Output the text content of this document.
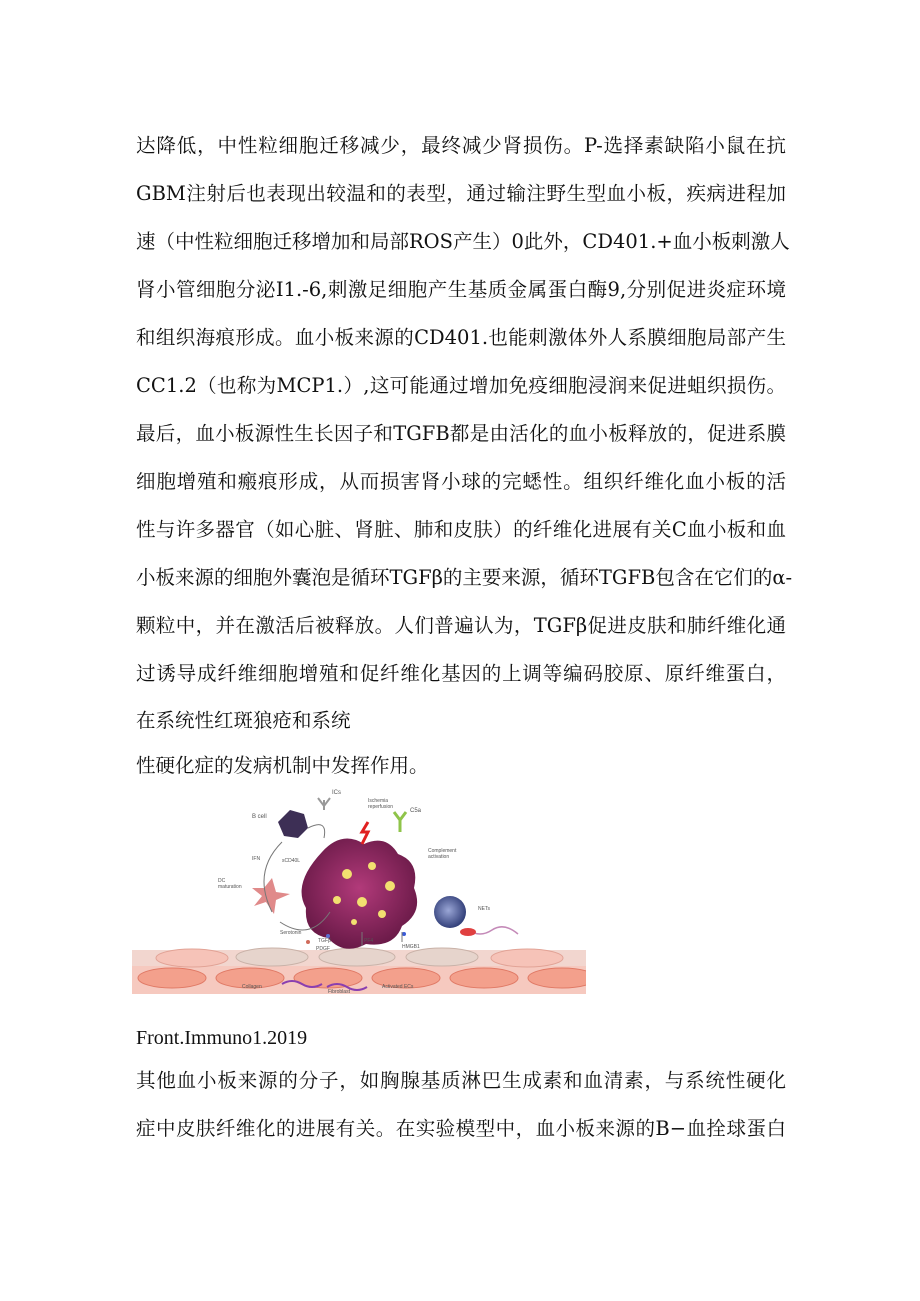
达降低，中性粒细胞迁移减少，最终减少肾损伤。P-选择素缺陷小鼠在抗
GBM注射后也表现出较温和的表型，通过输注野生型血小板，疾病进程加
速（中性粒细胞迁移增加和局部ROS产生）0此外，CD401.+血小板刺激人
肾小管细胞分泌I1.-6,刺激足细胞产生基质金属蛋白酶9,分别促进炎症环境
和组织海痕形成。血小板来源的CD401.也能刺激体外人系膜细胞局部产生
CC1.2（也称为MCP1.）,这可能通过增加免疫细胞浸润来促进蛆织损伤。
最后，血小板源性生长因子和TGFB都是由活化的血小板释放的，促进系膜
细胞增殖和瘢痕形成，从而损害肾小球的完蟋性。组织纤维化血小板的活
性与许多器官（如心脏、肾脏、肺和皮肤）的纤维化进展有关C血小板和血
小板来源的细胞外囊泡是循环TGFβ的主要来源，循环TGFB包含在它们的α-
颗粒中，并在激活后被释放。人们普遍认为，TGFβ促进皮肤和肺纤维化通
过诱导成纤维细胞增殖和促纤维化基因的上调等编码胶原、原纤维蛋白，
在系统性红斑狼疮和系统
性硬化症的发病机制中发挥作用。
B cell
ICs
Ischemia reperfusion
C5a
Complement activation
DC maturation
IFN	sCD40L
NETs
Serotonin
TGFβ
PDGF
PF4
HMGB1
Collagen	Activated ECs
Fibroblast
Front.Immuno1.2019
其他血小板来源的分子，如胸腺基质淋巴生成素和血清素，与系统性硬化
症中皮肤纤维化的进展有关。在实验模型中，血小板来源的B−血拴球蛋白
